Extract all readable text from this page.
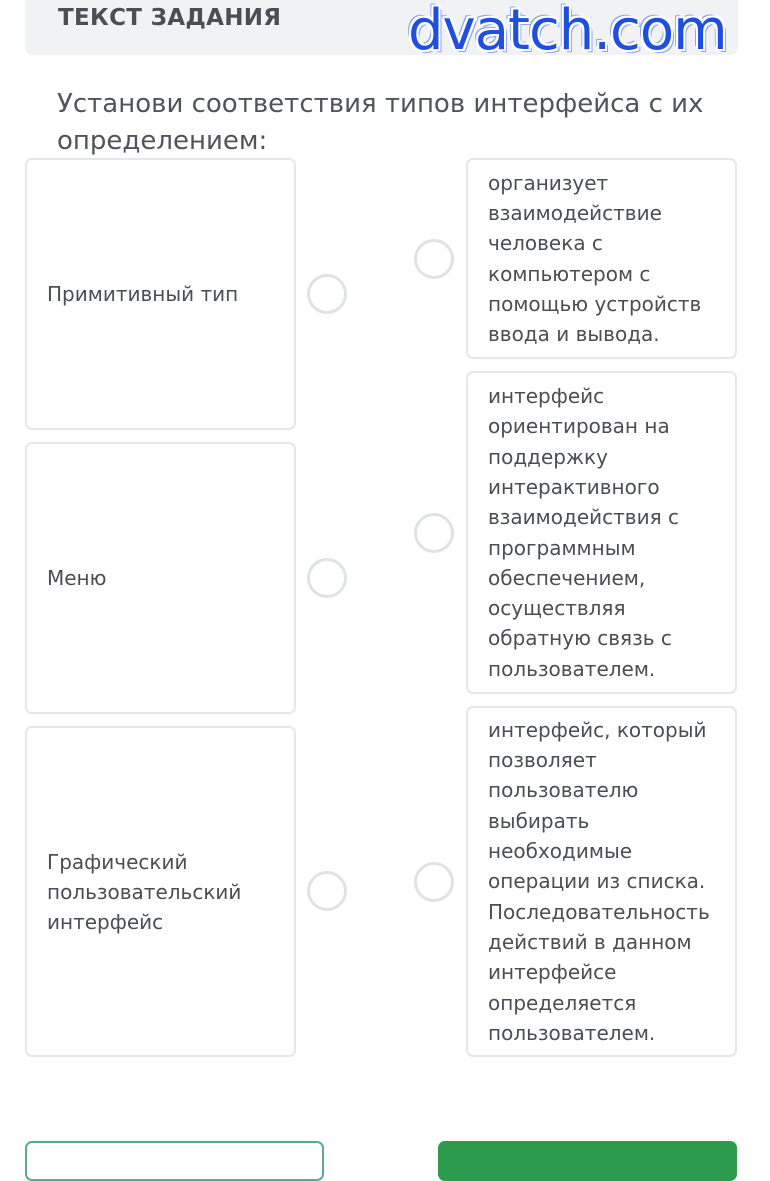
ТЕКСТ ЗАДАНИЯ dvatch.com
Установи соответствия типов интерфейса с их определением:
Примитивный тип
Меню
Графический пользовательский интерфейс
организует взаимодействие человека с компьютером с помощью устройств ввода и вывода.
интерфейс ориентирован на поддержку интерактивного взаимодействия с программным обеспечением, осуществляя обратную связь с пользователем.
интерфейс, который позволяет пользователю выбирать необходимые операции из списка. Последовательность действий в данном интерфейсе определяется пользователем.
